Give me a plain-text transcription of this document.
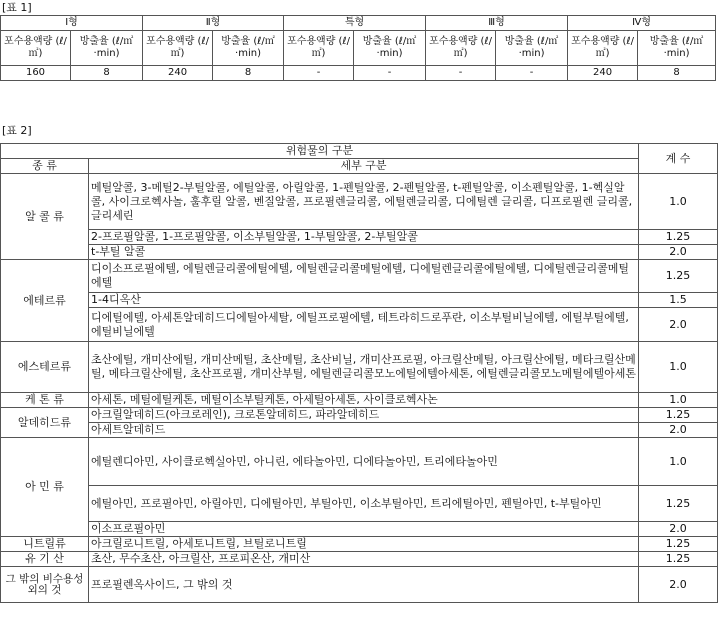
[표 1]
Ⅰ형		Ⅱ형		특형		Ⅲ형		Ⅳ형	
포수용액량 (ℓ/㎡)	방출율 (ℓ/㎡·min)	포수용액량 (ℓ/㎡)	방출율 (ℓ/㎡·min)	포수용액량 (ℓ/㎡)	방출율 (ℓ/㎡·min)	포수용액량 (ℓ/㎡)	방출율 (ℓ/㎡·min)	포수용액량 (ℓ/㎡)	방출율 (ℓ/㎡·min)
160	8	240	8	-	-	-	-	240	8
[표 2]
위험물의 구분		계 수
종 류	세부 구분	
알 콜 류	메틸알콜, 3-메틸2-부틸알콜, 에틸알콜, 아릴알콜, 1-펜틸알콜, 2-펜틸알콜, t-펜틸알콜, 이소펜틸알콜, 1-헥실알콜, 사이크로헥사놀, 훌후릴 알콜, 벤질알콜, 프로필렌글리콜, 에틸렌글리콜, 디에틸렌 글리콜, 디프로필렌 글리콜, 글리세린	1.0
	2-프로필알콜, 1-프로필알콜, 이소부틸알콜, 1-부틸알콜, 2-부틸알콜	1.25
	t-부틸 알콜	2.0
에테르류	디이소프로필에텔, 에틸렌글리콜에틸에텔, 에틸렌글리콜메틸에텔, 디에틸렌글리콜에틸에텔, 디에틸렌글리콜메틸에텔	1.25
	1-4디옥산	1.5
	디에틸에텔, 아세톤알데히드디에틸아세탈, 에틸프로필에텔, 테트라히드로푸란, 이소부틸비닐에텔, 에틸부틸에텔, 에틸비닐에텔	2.0
에스테르류	초산에틸, 개미산에틸, 개미산메틸, 초산메틸, 초산비닐, 개미산프로필, 아크릴산메틸, 아크릴산에틸, 메타크릴산메틸, 메타크릴산에틸, 초산프로필, 개미산부틸, 에틸렌글리콜모노에틸에텔아세톤, 에틸렌글리콜모노메틸에텔아세톤	1.0
케 톤 류	아세톤, 메틸에틸케톤, 메틸이소부틸케톤, 아세틸아세톤, 사이클로헥사논	1.0
알데히드류	아크릴알데히드(아크로레인), 크로톤알데히드, 파라알데히드	1.25
	아세트알데히드	2.0
아 민 류	에틸렌디아민, 사이클로헥실아민, 아니린, 에타놀아민, 디에타놀아민, 트리에타놀아민	1.0
	에틸아민, 프로필아민, 아릴아민, 디에틸아민, 부틸아민, 이소부틸아민, 트리에틸아민, 펜틸아민, t-부틸아민	1.25
	이소프로필아민	2.0
니트릴류	아크릴로니트릴, 아세토니트릴, 브틸로니트릴	1.25
유 기 산	초산, 무수초산, 아크릴산, 프로피온산, 개미산	1.25
그 밖의 비수용성 외의 것	프로필렌옥사이드, 그 밖의 것	2.0
